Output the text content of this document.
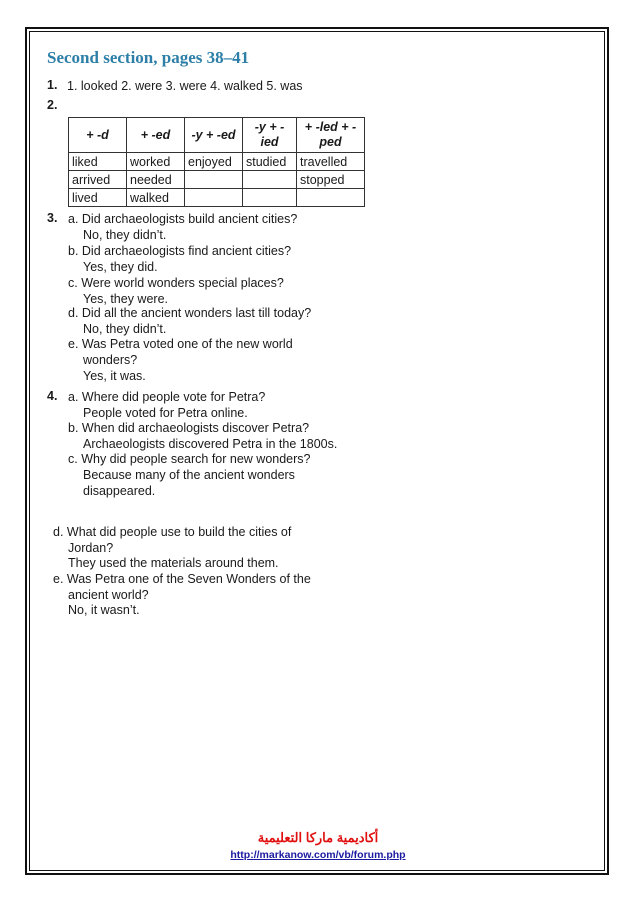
Second section, pages 38–41
1. 1. looked 2. were 3. were 4. walked 5. was
2.
+ -d	+ -ed	-y + -ed	-y + -ied	+ -led + -ped
liked	worked	enjoyed	studied	travelled
arrived	needed			stopped
lived	walked			
3. a. Did archaeologists build ancient cities?
No, they didn’t.
b. Did archaeologists find ancient cities?
Yes, they did.
c. Were world wonders special places?
Yes, they were.
d. Did all the ancient wonders last till today?
No, they didn’t.
e. Was Petra voted one of the new world
wonders?
Yes, it was.
4. a. Where did people vote for Petra?
People voted for Petra online.
b. When did archaeologists discover Petra?
Archaeologists discovered Petra in the 1800s.
c. Why did people search for new wonders?
Because many of the ancient wonders
disappeared.
d. What did people use to build the cities of
Jordan?
They used the materials around them.
e. Was Petra one of the Seven Wonders of the
ancient world?
No, it wasn’t.
أكاديمية ماركا التعليمية
http://markanow.com/vb/forum.php
